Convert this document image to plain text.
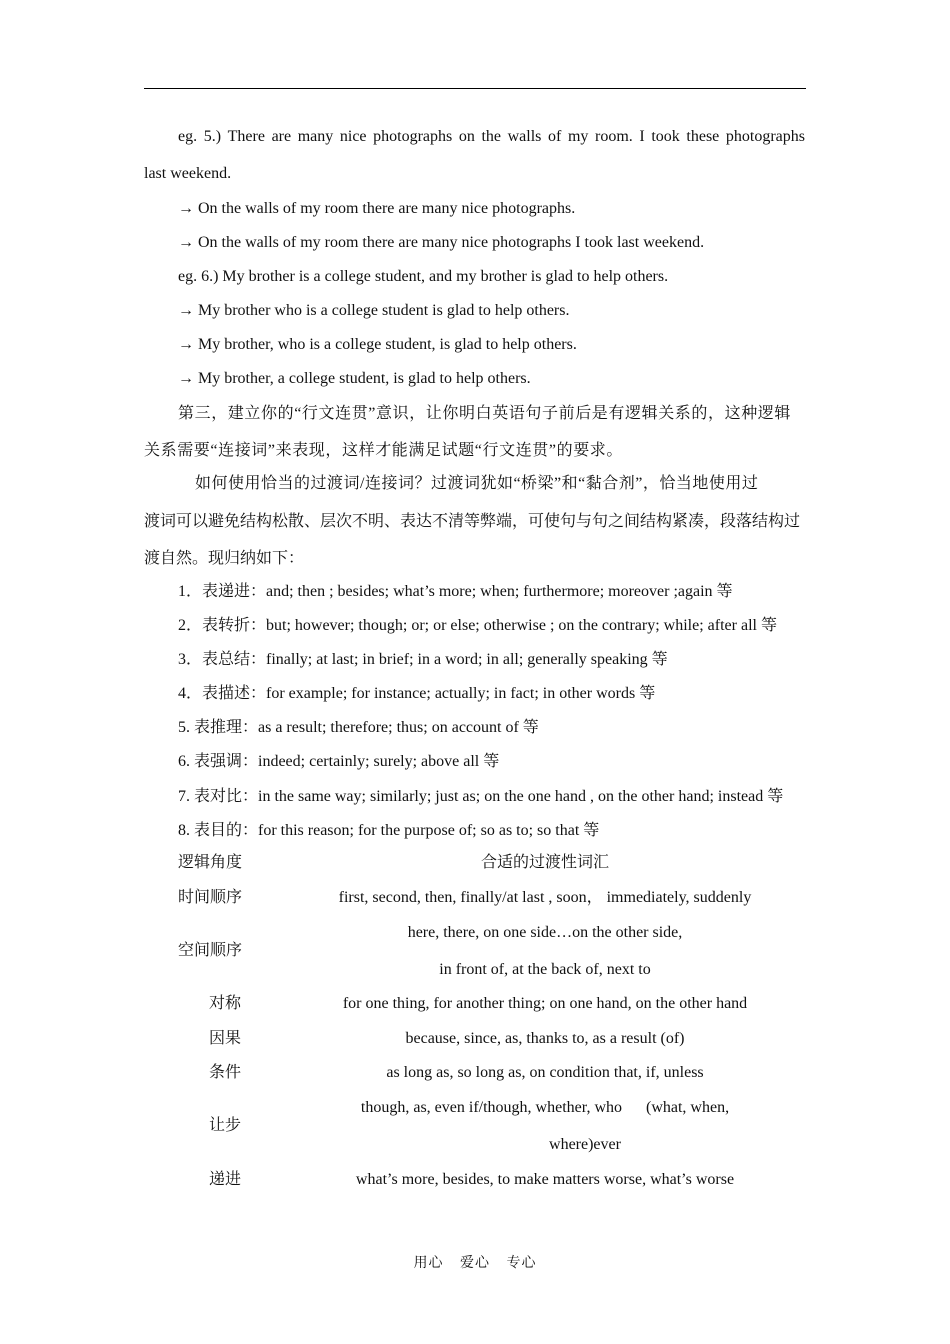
eg. 5.) There are many nice photographs on the walls of my room. I took these photographs
last weekend.
→ On the walls of my room there are many nice photographs.
→ On the walls of my room there are many nice photographs I took last weekend.
eg. 6.) My brother is a college student, and my brother is glad to help others.
→ My brother who is a college student is glad to help others.
→ My brother, who is a college student, is glad to help others.
→ My brother, a college student, is glad to help others.
第三，建立你的“行文连贯”意识，让你明白英语句子前后是有逻辑关系的，这种逻辑
关系需要“连接词”来表现，这样才能满足试题“行文连贯”的要求。
如何使用恰当的过渡词/连接词？过渡词犹如“桥梁”和“黏合剂”，恰当地使用过
渡词可以避免结构松散、层次不明、表达不清等弊端，可使句与句之间结构紧凑，段落结构过
渡自然。现归纳如下：
1．表递进：and; then ; besides; what’s more; when; furthermore; moreover ;again 等
2．表转折：but; however; though; or; or else; otherwise ; on the contrary; while; after all 等
3．表总结：finally; at last; in brief; in a word; in all; generally speaking 等
4．表描述：for example; for instance; actually; in fact; in other words 等
5. 表推理：as a result; therefore; thus; on account of 等
6. 表强调：indeed; certainly; surely; above all 等
7. 表对比：in the same way; similarly; just as; on the one hand , on the other hand; instead 等
8. 表目的：for this reason; for the purpose of; so as to; so that 等
逻辑角度	合适的过渡性词汇
时间顺序	first, second, then, finally/at last , soon， immediately, suddenly
空间顺序	here, there, on one side…on the other side,
in front of, at the back of, next to

对称	for one thing, for another thing; on one hand, on the other hand
因果	because, since, as, thanks to, as a result (of)
条件	as long as, so long as, on condition that, if, unless
让步	though, as, even if/though, whether, who      (what, when,
where)ever

递进	what’s more, besides, to make matters worse, what’s worse
用心 爱心 专心
